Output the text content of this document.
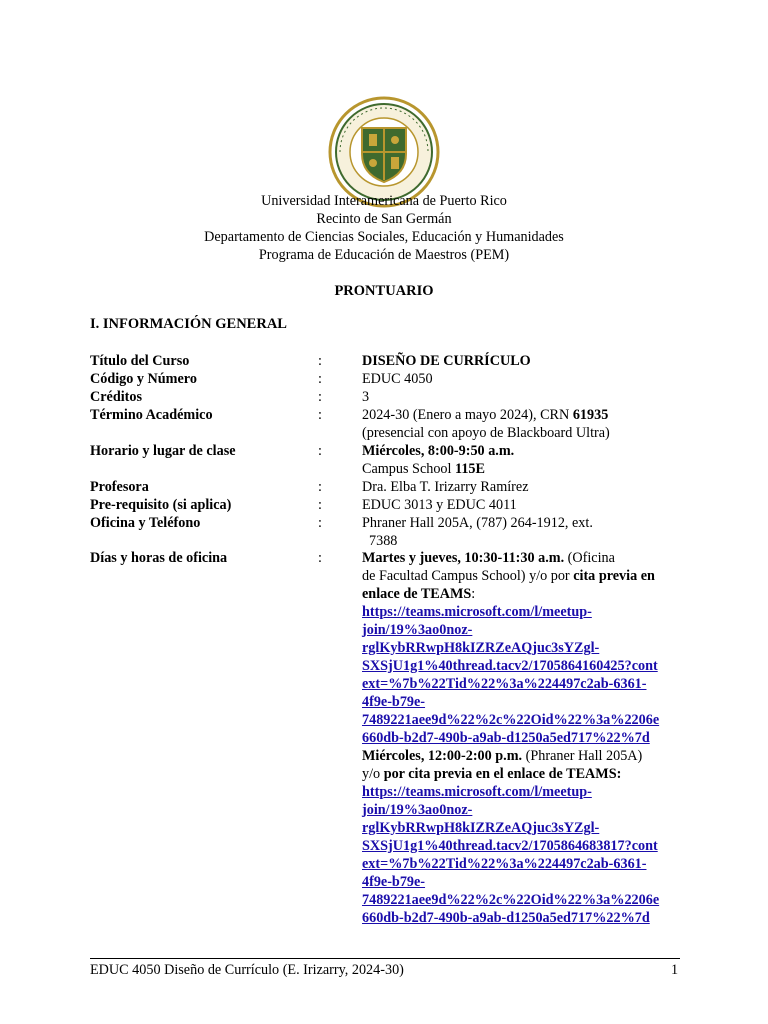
Universidad Interamericana de Puerto Rico
Recinto de San Germán
Departamento de Ciencias Sociales, Educación y Humanidades
Programa de Educación de Maestros (PEM)
PRONTUARIO
I. INFORMACIÓN GENERAL
Título del Curso	:	DISEÑO DE CURRÍCULO
Código y Número	:	EDUC 4050
Créditos	:	3
Término Académico	:	2024-30 (Enero a mayo 2024), CRN 61935
(presencial con apoyo de Blackboard Ultra)
Horario y lugar de clase	:	Miércoles, 8:00-9:50 a.m.
Campus School 115E
Profesora	:	Dra. Elba T. Irizarry Ramírez
Pre-requisito (si aplica)	:	EDUC 3013 y EDUC 4011
Oficina y Teléfono	:	Phraner Hall 205A, (787) 264-1912, ext.
7388
Días y horas de oficina	:	Martes y jueves, 10:30-11:30 a.m. (Oficina
de Facultad Campus School) y/o por cita previa en
enlace de TEAMS:
https://teams.microsoft.com/l/meetup-
join/19%3ao0noz-
rglKybRRwpH8kIZRZeAQjuc3sYZgl-
SXSjU1g1%40thread.tacv2/1705864160425?cont
ext=%7b%22Tid%22%3a%224497c2ab-6361-
4f9e-b79e-
7489221aee9d%22%2c%22Oid%22%3a%2206e
660db-b2d7-490b-a9ab-d1250a5ed717%22%7d
Miércoles, 12:00-2:00 p.m. (Phraner Hall 205A)
y/o por cita previa en el enlace de TEAMS:
https://teams.microsoft.com/l/meetup-
join/19%3ao0noz-
rglKybRRwpH8kIZRZeAQjuc3sYZgl-
SXSjU1g1%40thread.tacv2/1705864683817?cont
ext=%7b%22Tid%22%3a%224497c2ab-6361-
4f9e-b79e-
7489221aee9d%22%2c%22Oid%22%3a%2206e
660db-b2d7-490b-a9ab-d1250a5ed717%22%7d
EDUC 4050 Diseño de Currículo (E. Irizarry, 2024-30)	1
